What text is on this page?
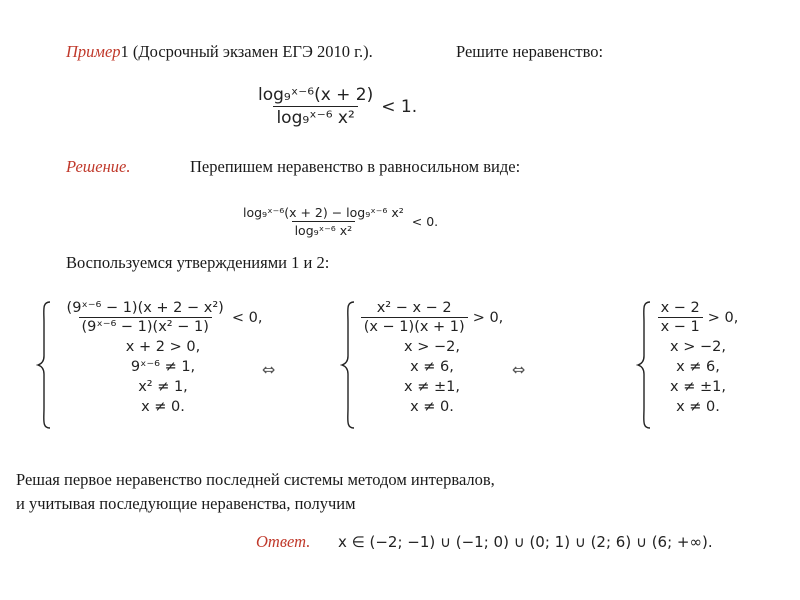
Пример1 (Досрочный экзамен ЕГЭ 2010 г.).	Решите неравенство:
$\frac{\text{log₉ˣ⁻⁶(x + 2)}}{\text{log₉ˣ⁻⁶ x²}} < 1$.
Решение.	Перепишем неравенство в равносильном виде:
$\frac{\text{log₉ˣ⁻⁶(x + 2) − log₉ˣ⁻⁶ x²}}{\text{log₉ˣ⁻⁶ x²}} < 0$.
Воспользуемся утверждениями 1 и 2:
$\frac{\text{(9ˣ⁻⁶ − 1)(x + 2 − x²)}}{\text{(9ˣ⁻⁶ − 1)(x² − 1)}} < 0$,
x + 2 > 0,
9ˣ⁻⁶ ≠ 1,
x² ≠ 1,
x ≠ 0.
⇔
$\frac{\text{x² − x − 2}}{(x - 1)(x + 1)} > 0$,
x > −2,
x ≠ 6,
x ≠ ±1,
x ≠ 0.
⇔
$\frac{x - 2}{x - 1} > 0$,
x > −2,
x ≠ 6,
x ≠ ±1,
x ≠ 0.
Решая первое неравенство последней системы методом интервалов,
и учитывая последующие неравенства, получим
Ответ. x ∈ (−2; −1) ∪ (−1; 0) ∪ (0; 1) ∪ (2; 6) ∪ (6; +∞).
